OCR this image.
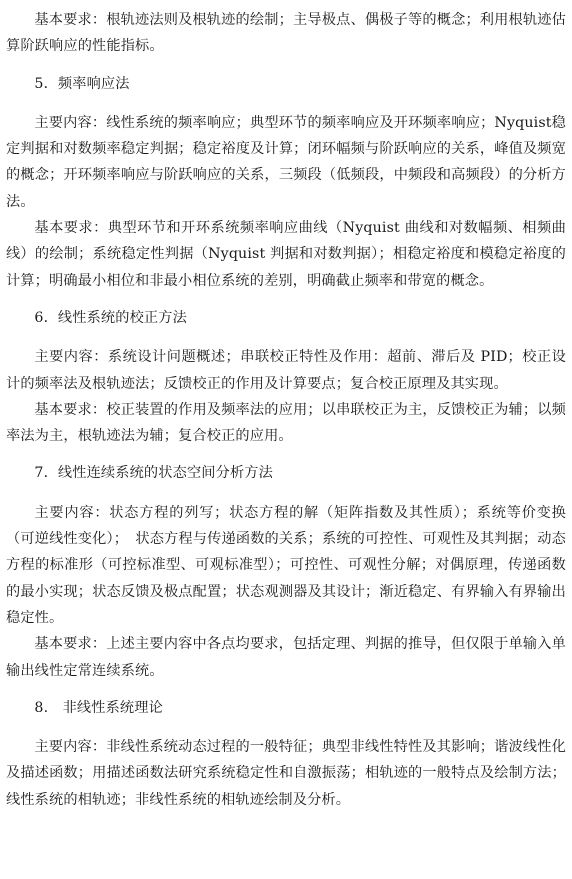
基本要求：根轨迹法则及根轨迹的绘制；主导极点、偶极子等的概念；利用根轨迹估算阶跃响应的性能指标。

5．频率响应法

主要内容：线性系统的频率响应；典型环节的频率响应及开环频率响应；Nyquist稳定判据和对数频率稳定判据；稳定裕度及计算；闭环幅频与阶跃响应的关系，峰值及频宽的概念；开环频率响应与阶跃响应的关系，三频段（低频段，中频段和高频段）的分析方法。

基本要求：典型环节和开环系统频率响应曲线（Nyquist 曲线和对数幅频、相频曲线）的绘制；系统稳定性判据（Nyquist 判据和对数判据）；相稳定裕度和模稳定裕度的计算；明确最小相位和非最小相位系统的差别，明确截止频率和带宽的概念。

6．线性系统的校正方法

主要内容：系统设计问题概述；串联校正特性及作用：超前、滞后及 PID；校正设计的频率法及根轨迹法；反馈校正的作用及计算要点；复合校正原理及其实现。

基本要求：校正装置的作用及频率法的应用；以串联校正为主，反馈校正为辅；以频率法为主，根轨迹法为辅；复合校正的应用。

7．线性连续系统的状态空间分析方法

主要内容：状态方程的列写；状态方程的解（矩阵指数及其性质）；系统等价变换（可逆线性变化）；　状态方程与传递函数的关系；系统的可控性、可观性及其判据；动态方程的标准形（可控标准型、可观标准型）；可控性、可观性分解；对偶原理，传递函数的最小实现；状态反馈及极点配置；状态观测器及其设计；渐近稳定、有界输入有界输出稳定性。

基本要求：上述主要内容中各点均要求，包括定理、判据的推导，但仅限于单输入单输出线性定常连续系统。

8.　非线性系统理论

主要内容：非线性系统动态过程的一般特征；典型非线性特性及其影响；谐波线性化及描述函数；用描述函数法研究系统稳定性和自激振荡；相轨迹的一般特点及绘制方法；线性系统的相轨迹；非线性系统的相轨迹绘制及分析。
